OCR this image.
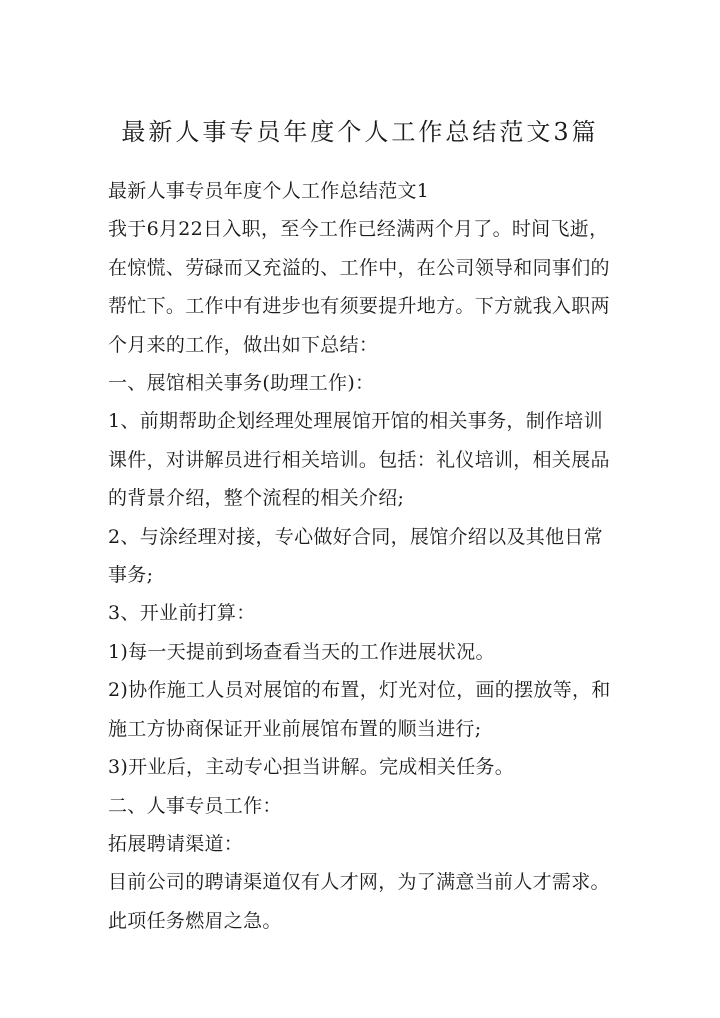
最新人事专员年度个人工作总结范文3篇
最新人事专员年度个人工作总结范文1
我于6月22日入职，至今工作已经满两个月了。时间飞逝，
在惊慌、劳碌而又充溢的、工作中，在公司领导和同事们的
帮忙下。工作中有进步也有须要提升地方。下方就我入职两
个月来的工作，做出如下总结：
一、展馆相关事务(助理工作)：
1、前期帮助企划经理处理展馆开馆的相关事务，制作培训
课件，对讲解员进行相关培训。包括：礼仪培训，相关展品
的背景介绍，整个流程的相关介绍;
2、与涂经理对接，专心做好合同，展馆介绍以及其他日常
事务;
3、开业前打算：
1)每一天提前到场查看当天的工作进展状况。
2)协作施工人员对展馆的布置，灯光对位，画的摆放等，和
施工方协商保证开业前展馆布置的顺当进行;
3)开业后，主动专心担当讲解。完成相关任务。
二、人事专员工作：
拓展聘请渠道：
目前公司的聘请渠道仅有人才网，为了满意当前人才需求。
此项任务燃眉之急。
